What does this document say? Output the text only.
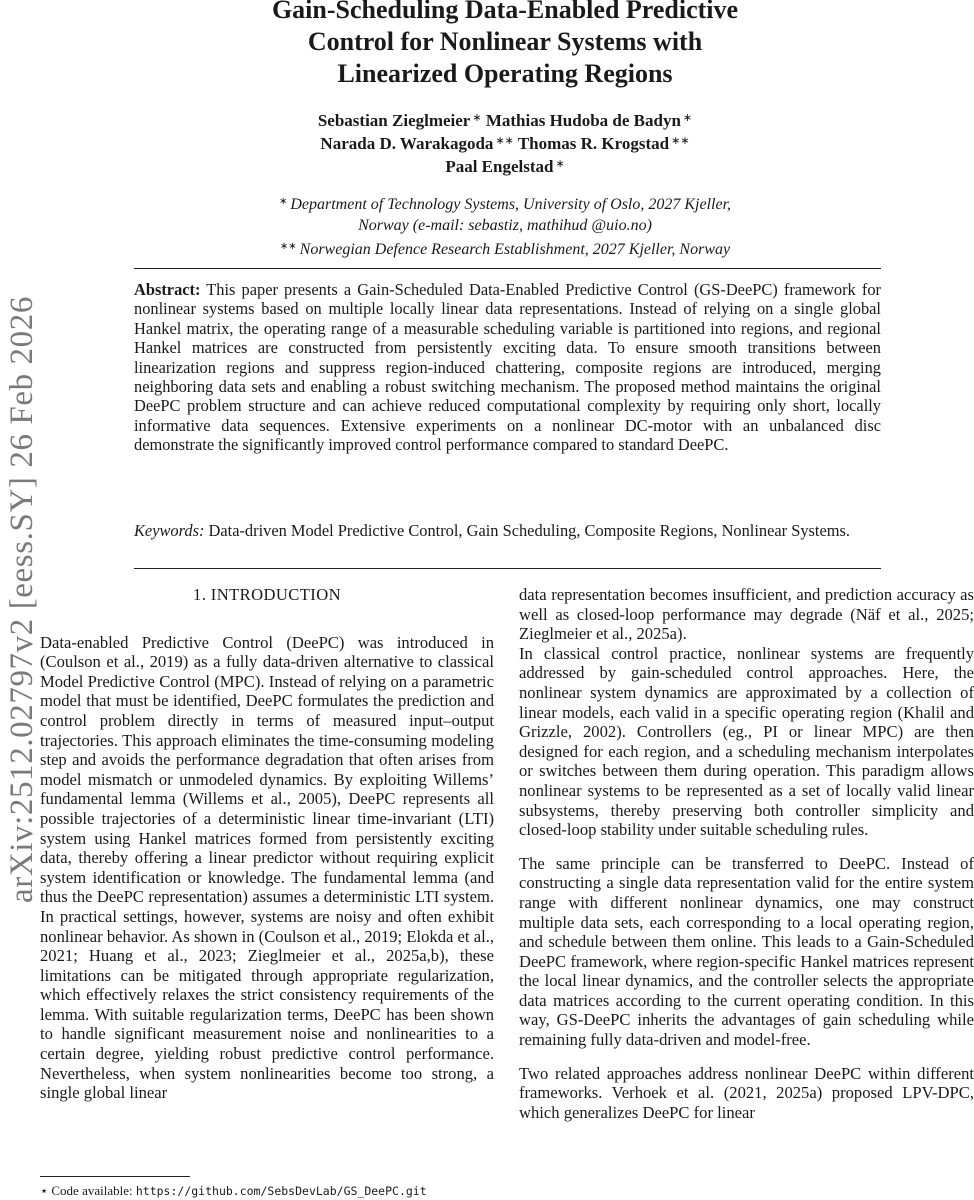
arXiv:2512.02797v2 [eess.SY] 26 Feb 2026
Gain-Scheduling Data-Enabled Predictive
Control for Nonlinear Systems with
Linearized Operating Regions
Sebastian Zieglmeier ∗ Mathias Hudoba de Badyn ∗
Narada D. Warakagoda ∗∗ Thomas R. Krogstad ∗∗
Paal Engelstad ∗
∗ Department of Technology Systems, University of Oslo, 2027 Kjeller,
Norway (e-mail: sebastiz, mathihud @uio.no)
∗∗ Norwegian Defence Research Establishment, 2027 Kjeller, Norway
Abstract: This paper presents a Gain-Scheduled Data-Enabled Predictive Control (GS-DeePC) framework for nonlinear systems based on multiple locally linear data representations. Instead of relying on a single global Hankel matrix, the operating range of a measurable scheduling variable is partitioned into regions, and regional Hankel matrices are constructed from persistently exciting data. To ensure smooth transitions between linearization regions and suppress region-induced chattering, composite regions are introduced, merging neighboring data sets and enabling a robust switching mechanism. The proposed method maintains the original DeePC problem structure and can achieve reduced computational complexity by requiring only short, locally informative data sequences. Extensive experiments on a nonlinear DC-motor with an unbalanced disc demonstrate the significantly improved control performance compared to standard DeePC.
Keywords: Data-driven Model Predictive Control, Gain Scheduling, Composite Regions, Nonlinear Systems.
1. INTRODUCTION

Data-enabled Predictive Control (DeePC) was introduced in (Coulson et al., 2019) as a fully data-driven alternative to classical Model Predictive Control (MPC). Instead of relying on a parametric model that must be identified, DeePC formulates the prediction and control problem directly in terms of measured input–output trajectories. This approach eliminates the time-consuming modeling step and avoids the performance degradation that often arises from model mismatch or unmodeled dynamics. By exploiting Willems’ fundamental lemma (Willems et al., 2005), DeePC represents all possible trajectories of a deterministic linear time-invariant (LTI) system using Hankel matrices formed from persistently exciting data, thereby offering a linear predictor without requiring explicit system identification or knowledge. The fundamental lemma (and thus the DeePC representation) assumes a deterministic LTI system. In practical settings, however, systems are noisy and often exhibit nonlinear behavior. As shown in (Coulson et al., 2019; Elokda et al., 2021; Huang et al., 2023; Zieglmeier et al., 2025a,b), these limitations can be mitigated through appropriate regularization, which effectively relaxes the strict consistency requirements of the lemma. With suitable regularization terms, DeePC has been shown to handle significant measurement noise and nonlinearities to a certain degree, yielding robust predictive control performance. Nevertheless, when system nonlinearities become too strong, a single global linear

data representation becomes insufficient, and prediction accuracy as well as closed-loop performance may degrade (Näf et al., 2025; Zieglmeier et al., 2025a).

In classical control practice, nonlinear systems are frequently addressed by gain-scheduled control approaches. Here, the nonlinear system dynamics are approximated by a collection of linear models, each valid in a specific operating region (Khalil and Grizzle, 2002). Controllers (eg., PI or linear MPC) are then designed for each region, and a scheduling mechanism interpolates or switches between them during operation. This paradigm allows nonlinear systems to be represented as a set of locally valid linear subsystems, thereby preserving both controller simplicity and closed-loop stability under suitable scheduling rules.

The same principle can be transferred to DeePC. Instead of constructing a single data representation valid for the entire system range with different nonlinear dynamics, one may construct multiple data sets, each corresponding to a local operating region, and schedule between them online. This leads to a Gain-Scheduled DeePC framework, where region-specific Hankel matrices represent the local linear dynamics, and the controller selects the appropriate data matrices according to the current operating condition. In this way, GS-DeePC inherits the advantages of gain scheduling while remaining fully data-driven and model-free.

Two related approaches address nonlinear DeePC within different frameworks. Verhoek et al. (2021, 2025a) proposed LPV-DPC, which generalizes DeePC for linear

⋆ Code available: https://github.com/SebsDevLab/GS_DeePC.git
